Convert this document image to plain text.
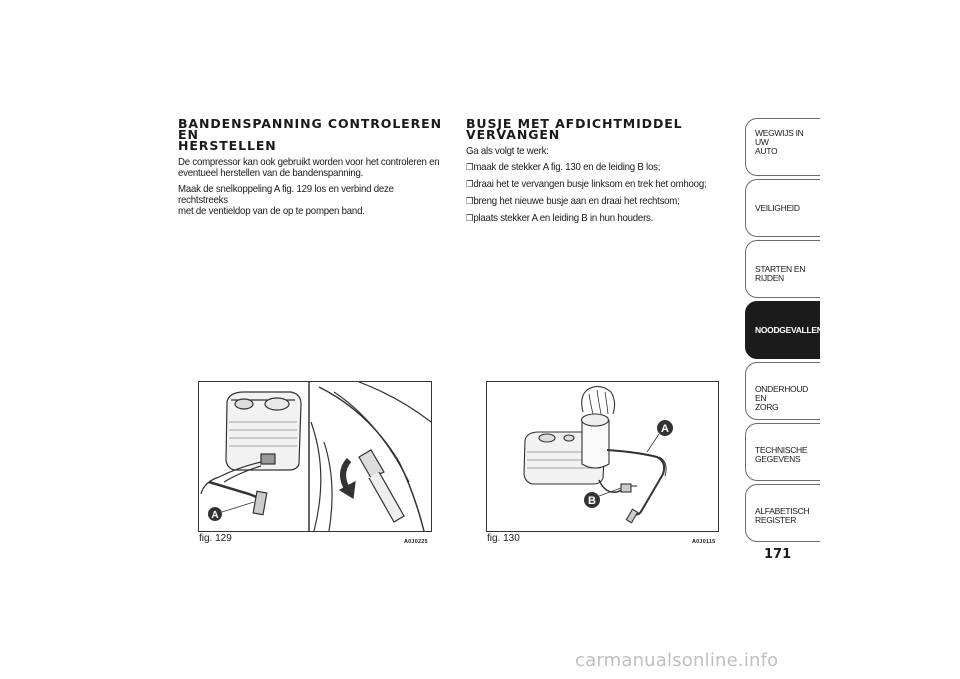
BANDENSPANNING CONTROLEREN EN
HERSTELLEN

De compressor kan ook gebruikt worden voor het controleren en
eventueel herstellen van de bandenspanning.

Maak de snelkoppeling A fig. 129 los en verbind deze rechtstreeks
met de ventieldop van de op te pompen band.

BUSJE MET AFDICHTMIDDEL
VERVANGEN

Ga als volgt te werk:

❒maak de stekker A fig. 130 en de leiding B los;
❒draai het te vervangen busje linksom en trek het omhoog;
❒breng het nieuwe busje aan en draai het rechtsom;
❒plaats stekker A en leiding B in hun houders.
A
fig. 129	A0J0225
A
B
fig. 130	A0J0115
WEGWIJS IN UW
AUTO
VEILIGHEID
STARTEN EN RIJDEN
NOODGEVALLEN
ONDERHOUD EN
ZORG
TECHNISCHE
GEGEVENS
ALFABETISCH
REGISTER
171
carmanualsonline.info
